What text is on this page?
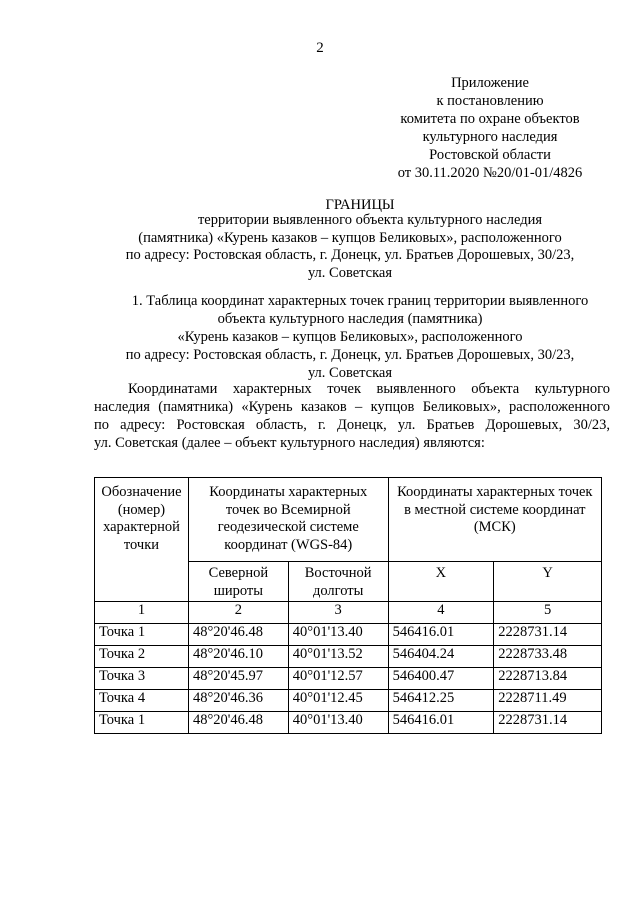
2
Приложение
к постановлению
комитета по охране объектов
культурного наследия
Ростовской области
от 30.11.2020 №20/01-01/4826
ГРАНИЦЫ
территории выявленного объекта культурного наследия
(памятника) «Курень казаков – купцов Беликовых», расположенного
по адресу: Ростовская область, г. Донецк, ул. Братьев Дорошевых, 30/23,
ул. Советская
1. Таблица координат характерных точек границ территории выявленного
объекта культурного наследия (памятника)
«Курень казаков – купцов Беликовых», расположенного
по адресу: Ростовская область, г. Донецк, ул. Братьев Дорошевых, 30/23,
ул. Советская
Координатами характерных точек выявленного объекта культурного
наследия (памятника) «Курень казаков – купцов Беликовых», расположенного
по адресу: Ростовская область, г. Донецк, ул. Братьев Дорошевых, 30/23,
ул. Советская (далее – объект культурного наследия) являются:
Обозначение (номер) характерной точки	Координаты характерных точек во Всемирной геодезической системе координат (WGS-84)		Координаты характерных точек в местной системе координат (МСК)	
	Северной широты	Восточной долготы	X	Y
1	2	3	4	5
Точка 1	48°20'46.48	40°01'13.40	546416.01	2228731.14
Точка 2	48°20'46.10	40°01'13.52	546404.24	2228733.48
Точка 3	48°20'45.97	40°01'12.57	546400.47	2228713.84
Точка 4	48°20'46.36	40°01'12.45	546412.25	2228711.49
Точка 1	48°20'46.48	40°01'13.40	546416.01	2228731.14
